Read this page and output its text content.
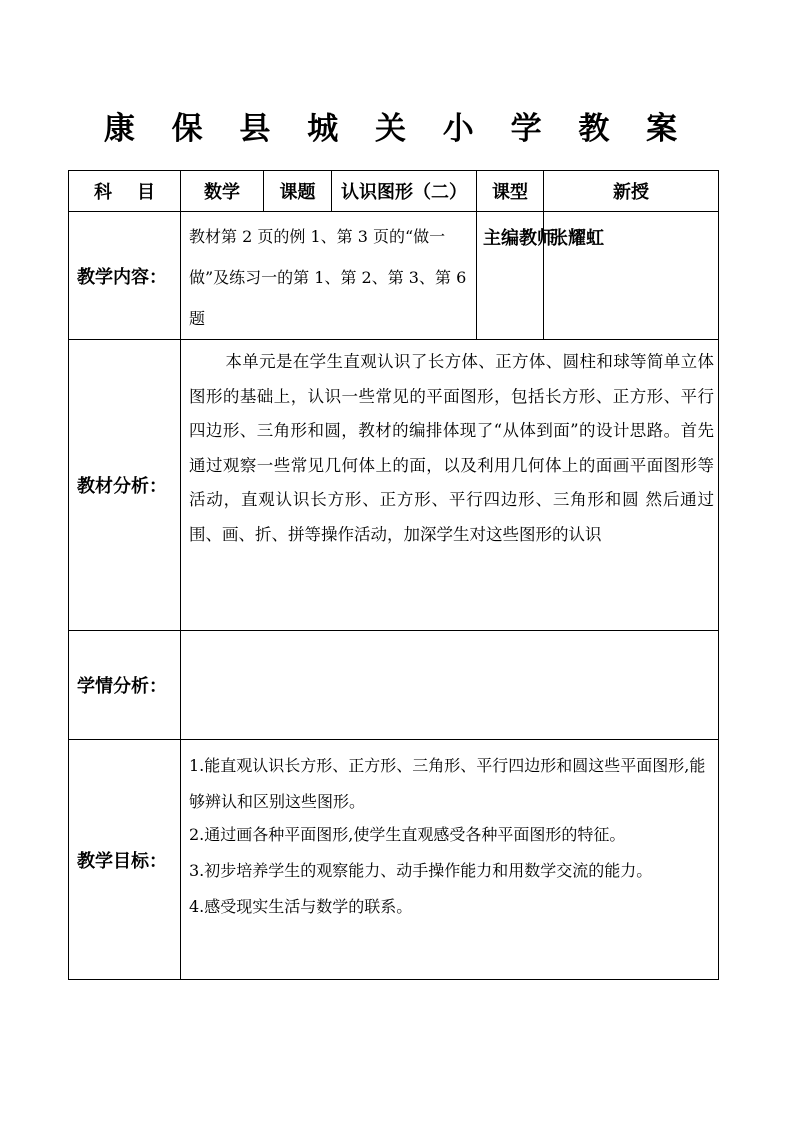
康 保 县 城 关 小 学 教 案
科    目	数学	课题	认识图形（二）	课型	新授
教学内容：	教材第 2 页的例 1、第 3 页的“做一做”及练习一的第 1、第 2、第 3、第 6 题			主编教师	张耀虹
教材分析：	本单元是在学生直观认识了长方体、正方体、圆柱和球等简单立体图形的基础上，认识一些常见的平面图形，包括长方形、正方形、平行四边形、三角形和圆，教材的编排体现了“从体到面”的设计思路。首先通过观察一些常见几何体上的面，以及利用几何体上的面画平面图形等活动，直观认识长方形、正方形、平行四边形、三角形和圆 然后通过围、画、折、拼等操作活动，加深学生对这些图形的认识				
学情分析：					
教学目标：	1.能直观认识长方形、正方形、三角形、平行四边形和圆这些平面图形,能够辨认和区别这些图形。

2.通过画各种平面图形,使学生直观感受各种平面图形的特征。

3.初步培养学生的观察能力、动手操作能力和用数学交流的能力。

4.感受现实生活与数学的联系。				
